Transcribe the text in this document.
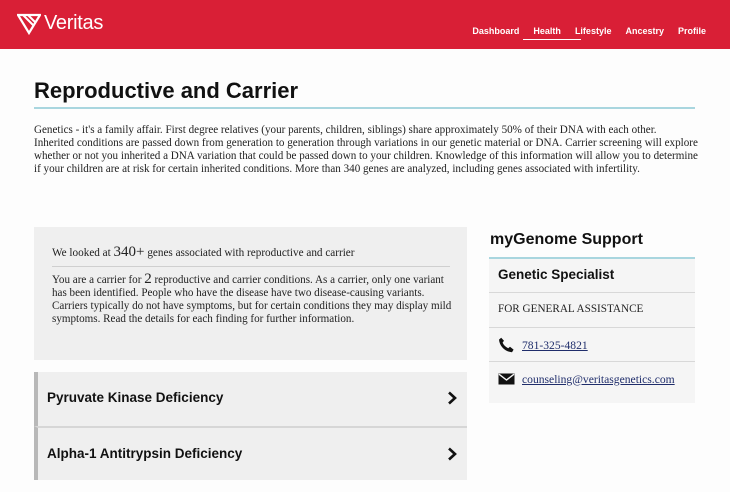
Veritas	Dashboard Health Lifestyle Ancestry Profile
Reproductive and Carrier

Genetics - it's a family affair. First degree relatives (your parents, children, siblings) share approximately 50% of their DNA with each other. Inherited conditions are passed down from generation to generation through variations in our genetic material or DNA. Carrier screening will explore whether or not you inherited a DNA variation that could be passed down to your children. Knowledge of this information will allow you to determine if your children are at risk for certain inherited conditions. More than 340 genes are analyzed, including genes associated with infertility.

We looked at 340+ genes associated with reproductive and carrier
You are a carrier for 2 reproductive and carrier conditions. As a carrier, only one variant has been identified. People who have the disease have two disease-causing variants. Carriers typically do not have symptoms, but for certain conditions they may display mild symptoms. Read the details for each finding for further information.
Pyruvate Kinase Deficiency
Alpha-1 Antitrypsin Deficiency
myGenome Support
Genetic Specialist
FOR GENERAL ASSISTANCE
781-325-4821
counseling@veritasgenetics.com
